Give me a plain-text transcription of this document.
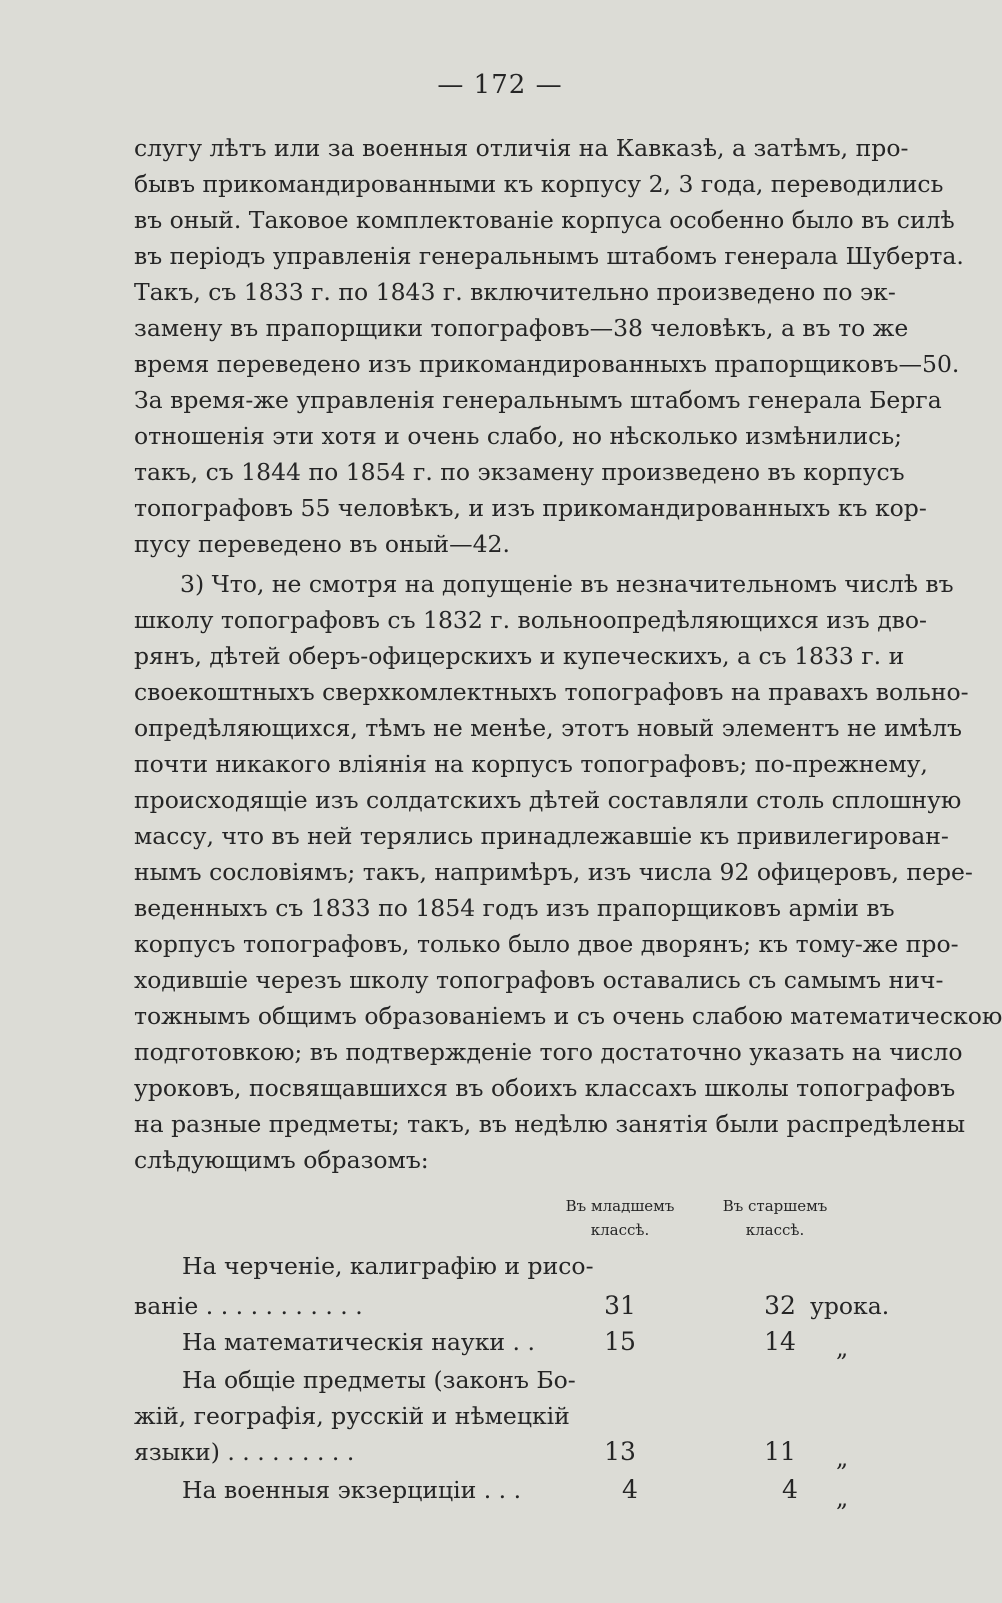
— 172 —
слугу лѣтъ или за военныя отличія на Кавказѣ, а затѣмъ, про-
бывъ прикомандированными къ корпусу 2, 3 года, переводились
въ оный. Таковое комплектованіе корпуса особенно было въ силѣ
въ періодъ управленія генеральнымъ штабомъ генерала Шуберта.
Такъ, съ 1833 г. по 1843 г. включительно произведено по эк-
замену въ прапорщики топографовъ—38 человѣкъ, а въ то же
время переведено изъ прикомандированныхъ прапорщиковъ—50.
За время-же управленія генеральнымъ штабомъ генерала Берга
отношенія эти хотя и очень слабо, но нѣсколько измѣнились;
такъ, съ 1844 по 1854 г. по экзамену произведено въ корпусъ
топографовъ 55 человѣкъ, и изъ прикомандированныхъ къ кор-
пусу переведено въ оный—42.
3) Что, не смотря на допущеніе въ незначительномъ числѣ въ
школу топографовъ съ 1832 г. вольноопредѣляющихся изъ дво-
рянъ, дѣтей оберъ-офицерскихъ и купеческихъ, а съ 1833 г. и
своекоштныхъ сверхкомлектныхъ топографовъ на правахъ вольно-
опредѣляющихся, тѣмъ не менѣе, этотъ новый элементъ не имѣлъ
почти никакого вліянія на корпусъ топографовъ; по-прежнему,
происходящіе изъ солдатскихъ дѣтей составляли столь сплошную
массу, что въ ней терялись принадлежавшіе къ привилегирован-
нымъ сословіямъ; такъ, напримѣръ, изъ числа 92 офицеровъ, пере-
веденныхъ съ 1833 по 1854 годъ изъ прапорщиковъ арміи въ
корпусъ топографовъ, только было двое дворянъ; къ тому-же про-
ходившіе черезъ школу топографовъ оставались съ самымъ нич-
тожнымъ общимъ образованіемъ и съ очень слабою математическою
подготовкою; въ подтвержденіе того достаточно указать на число
уроковъ, посвящавшихся въ обоихъ классахъ школы топографовъ
на разные предметы; такъ, въ недѣлю занятія были распредѣлены
слѣдующимъ образомъ:
Въ младшемъ
классѣ.
Въ старшемъ
классѣ.
На черченіе, калиграфію и рисо-
ваніе . . . . . . . . . . .	31	32 урока.
На математическія науки . .	15	14	„
На общіе предметы (законъ Бо-
жій, географія, русскій и нѣмецкій
языки) . . . . . . . . .	13	11	„
На военныя экзерциціи . . .	4	4	„
